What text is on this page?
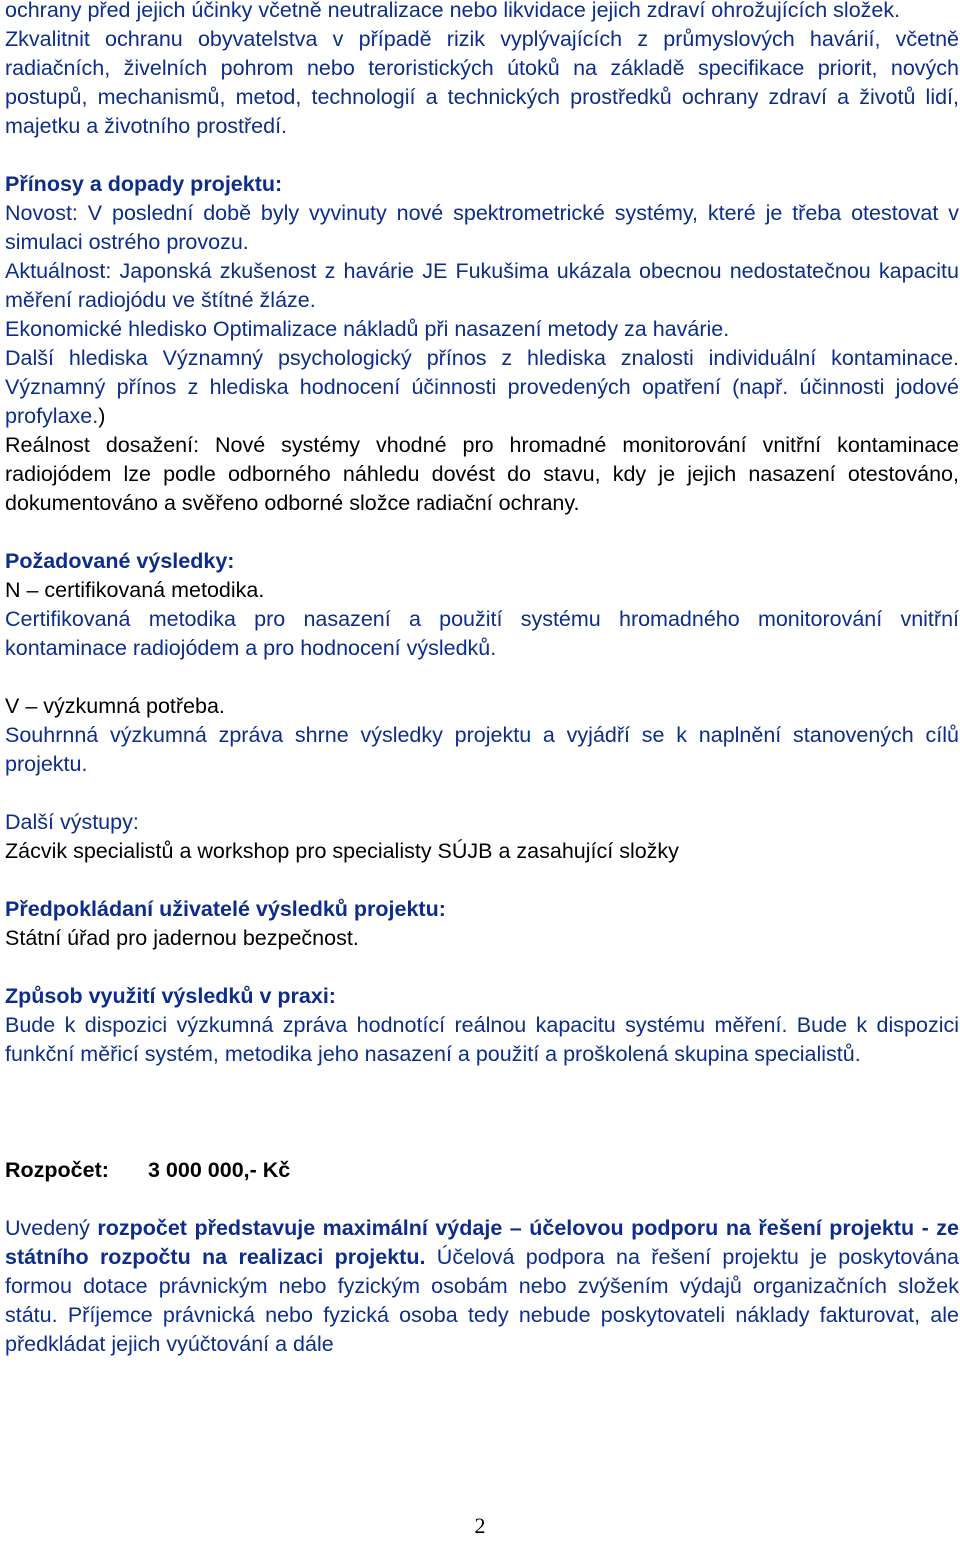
ochrany před jejich účinky včetně neutralizace nebo likvidace jejich zdraví ohrožujících složek.

Zkvalitnit ochranu obyvatelstva v případě rizik vyplývajících z průmyslových havárií, včetně radiačních, živelních pohrom nebo teroristických útoků na základě specifikace priorit, nových postupů, mechanismů, metod, technologií a technických prostředků ochrany zdraví a životů lidí, majetku a životního prostředí.

Přínosy a dopady projektu:

Novost: V poslední době byly vyvinuty nové spektrometrické systémy, které je třeba otestovat v simulaci ostrého provozu.

Aktuálnost: Japonská zkušenost z havárie JE Fukušima ukázala obecnou nedostatečnou kapacitu měření radiojódu ve štítné žláze.

Ekonomické hledisko Optimalizace nákladů při nasazení metody za havárie.

Další hlediska Významný psychologický přínos z hlediska znalosti individuální kontaminace. Významný přínos z hlediska hodnocení účinnosti provedených opatření (např. účinnosti jodové profylaxe.)

Reálnost dosažení: Nové systémy vhodné pro hromadné monitorování vnitřní kontaminace radiojódem lze podle odborného náhledu dovést do stavu, kdy je jejich nasazení otestováno, dokumentováno a svěřeno odborné složce radiační ochrany.

Požadované výsledky:

N – certifikovaná metodika.

Certifikovaná metodika pro nasazení a použití systému hromadného monitorování vnitřní kontaminace radiojódem a pro hodnocení výsledků.

V – výzkumná potřeba.

Souhrnná výzkumná zpráva shrne výsledky projektu a vyjádří se k naplnění stanovených cílů projektu.

Další výstupy:

Zácvik specialistů a workshop pro specialisty SÚJB a zasahující složky

Předpokládaní uživatelé výsledků projektu:

Státní úřad pro jadernou bezpečnost.

Způsob využití výsledků v praxi:

Bude k dispozici výzkumná zpráva hodnotící reálnou kapacitu systému měření. Bude k dispozici funkční měřicí systém, metodika jeho nasazení a použití a proškolená skupina specialistů.

Rozpočet: 3 000 000,- Kč

Uvedený rozpočet představuje maximální výdaje – účelovou podporu na řešení projektu - ze státního rozpočtu na realizaci projektu. Účelová podpora na řešení projektu je poskytována formou dotace právnickým nebo fyzickým osobám nebo zvýšením výdajů organizačních složek státu. Příjemce právnická nebo fyzická osoba tedy nebude poskytovateli náklady fakturovat, ale předkládat jejich vyúčtování a dále

2
